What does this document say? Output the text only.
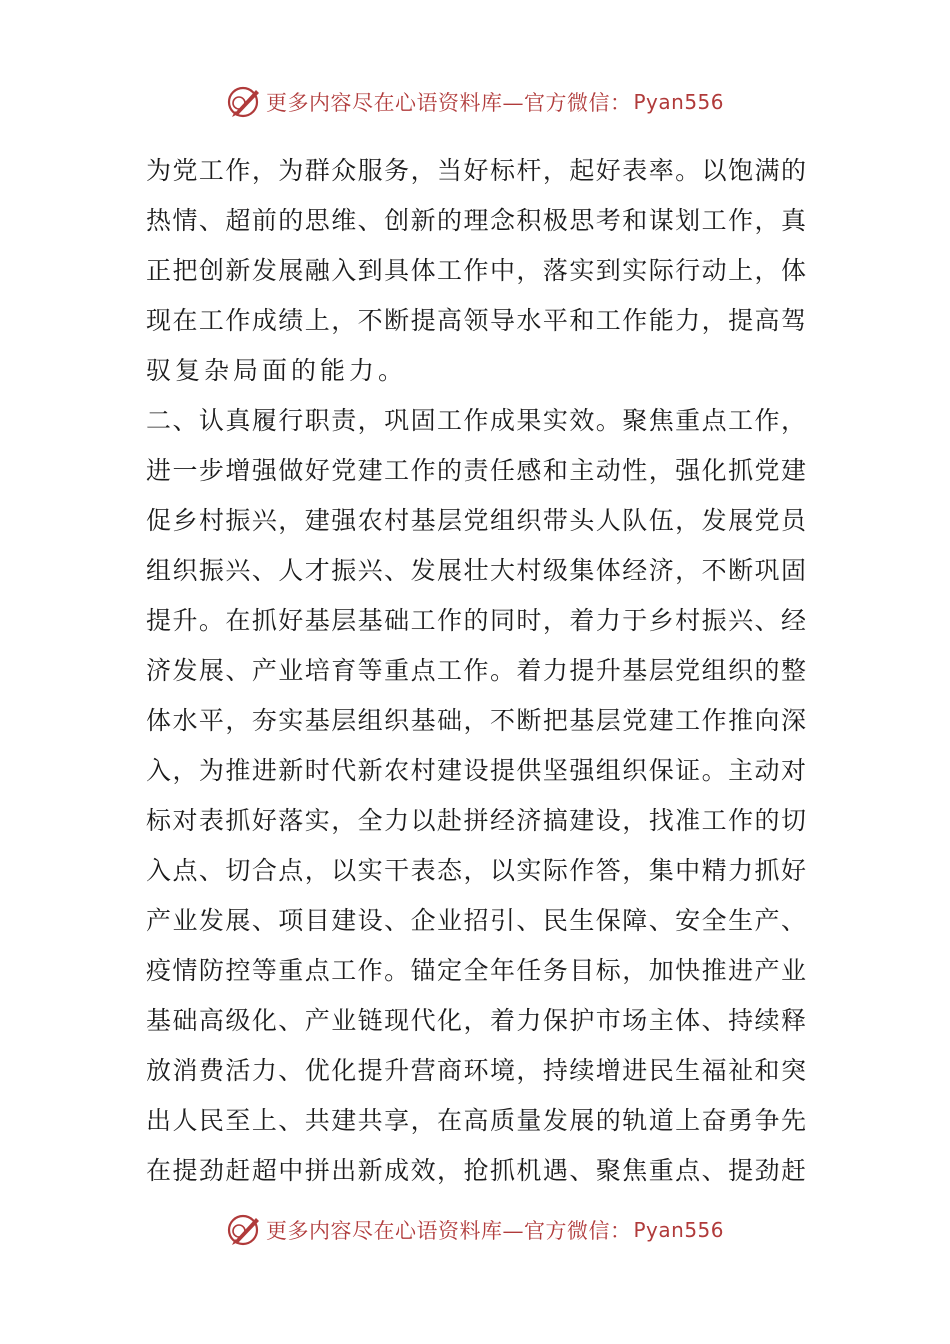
更多内容尽在心语资料库—官方微信： Pyan556
为党工作，为群众服务，当好标杆，起好表率。以饱满的
热情、超前的思维、创新的理念积极思考和谋划工作，真
正把创新发展融入到具体工作中，落实到实际行动上，体
现在工作成绩上，不断提高领导水平和工作能力，提高驾
驭复杂局面的能力。
二、认真履行职责，巩固工作成果实效。聚焦重点工作，
进一步增强做好党建工作的责任感和主动性，强化抓党建
促乡村振兴，建强农村基层党组织带头人队伍，发展党员
组织振兴、人才振兴、发展壮大村级集体经济，不断巩固
提升。在抓好基层基础工作的同时，着力于乡村振兴、经
济发展、产业培育等重点工作。着力提升基层党组织的整
体水平，夯实基层组织基础，不断把基层党建工作推向深
入，为推进新时代新农村建设提供坚强组织保证。主动对
标对表抓好落实，全力以赴拼经济搞建设，找准工作的切
入点、切合点，以实干表态，以实际作答，集中精力抓好
产业发展、项目建设、企业招引、民生保障、安全生产、
疫情防控等重点工作。锚定全年任务目标，加快推进产业
基础高级化、产业链现代化，着力保护市场主体、持续释
放消费活力、优化提升营商环境，持续增进民生福祉和突
出人民至上、共建共享，在高质量发展的轨道上奋勇争先
在提劲赶超中拼出新成效，抢抓机遇、聚焦重点、提劲赶
更多内容尽在心语资料库—官方微信： Pyan556
